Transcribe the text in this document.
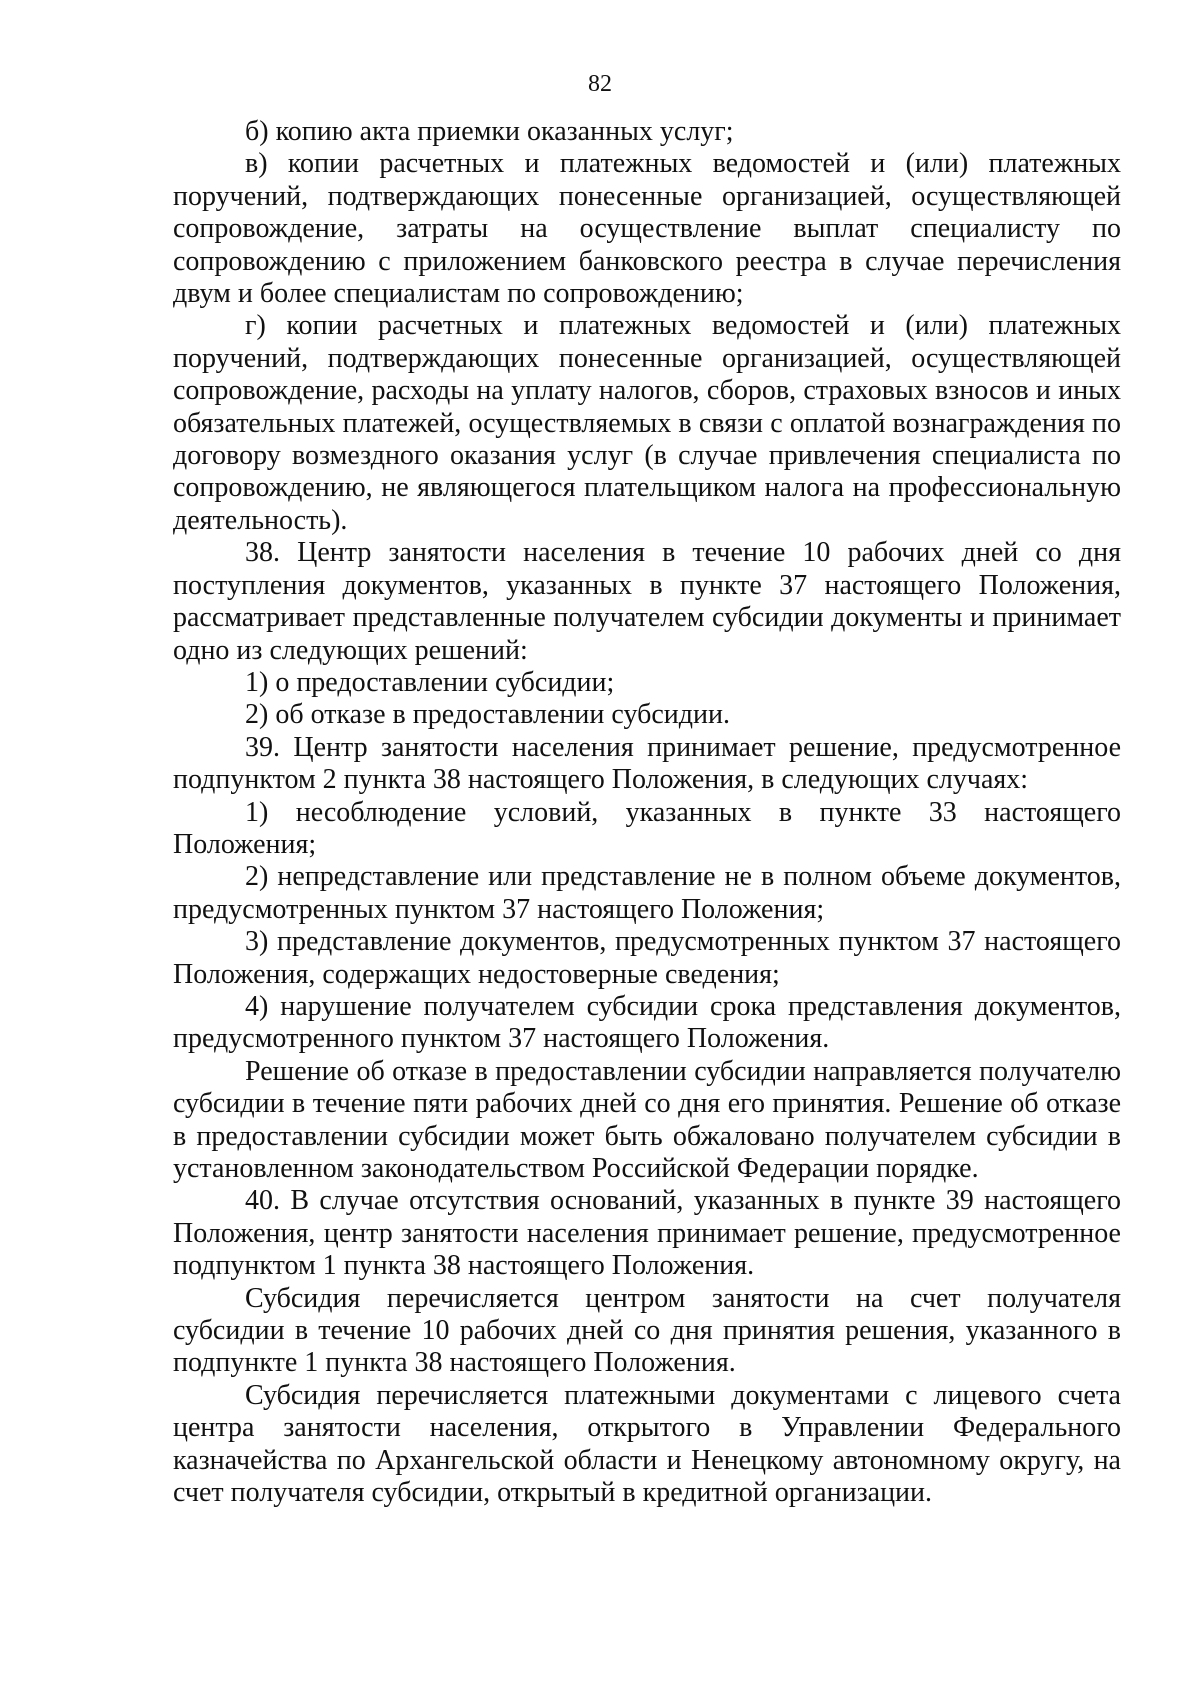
82

б) копию акта приемки оказанных услуг;

в) копии расчетных и платежных ведомостей и (или) платежных поручений, подтверждающих понесенные организацией, осуществляющей сопровождение, затраты на осуществление выплат специалисту по сопровождению с приложением банковского реестра в случае перечисления двум и более специалистам по сопровождению;

г) копии расчетных и платежных ведомостей и (или) платежных поручений, подтверждающих понесенные организацией, осуществляющей сопровождение, расходы на уплату налогов, сборов, страховых взносов и иных обязательных платежей, осуществляемых в связи с оплатой вознаграждения по договору возмездного оказания услуг (в случае привлечения специалиста по сопровождению, не являющегося плательщиком налога на профессиональную деятельность).

38. Центр занятости населения в течение 10 рабочих дней со дня поступления документов, указанных в пункте 37 настоящего Положения, рассматривает представленные получателем субсидии документы и принимает одно из следующих решений:

1) о предоставлении субсидии;

2) об отказе в предоставлении субсидии.

39. Центр занятости населения принимает решение, предусмотренное подпунктом 2 пункта 38 настоящего Положения, в следующих случаях:

1) несоблюдение условий, указанных в пункте 33 настоящего Положения;

2) непредставление или представление не в полном объеме документов, предусмотренных пунктом 37 настоящего Положения;

3) представление документов, предусмотренных пунктом 37 настоящего Положения, содержащих недостоверные сведения;

4) нарушение получателем субсидии срока представления документов, предусмотренного пунктом 37 настоящего Положения.

Решение об отказе в предоставлении субсидии направляется получателю субсидии в течение пяти рабочих дней со дня его принятия. Решение об отказе в предоставлении субсидии может быть обжаловано получателем субсидии в установленном законодательством Российской Федерации порядке.

40. В случае отсутствия оснований, указанных в пункте 39 настоящего Положения, центр занятости населения принимает решение, предусмотренное подпунктом 1 пункта 38 настоящего Положения.

Субсидия перечисляется центром занятости на счет получателя субсидии в течение 10 рабочих дней со дня принятия решения, указанного в подпункте 1 пункта 38 настоящего Положения.

Субсидия перечисляется платежными документами с лицевого счета центра занятости населения, открытого в Управлении Федерального казначейства по Архангельской области и Ненецкому автономному округу, на счет получателя субсидии, открытый в кредитной организации.
